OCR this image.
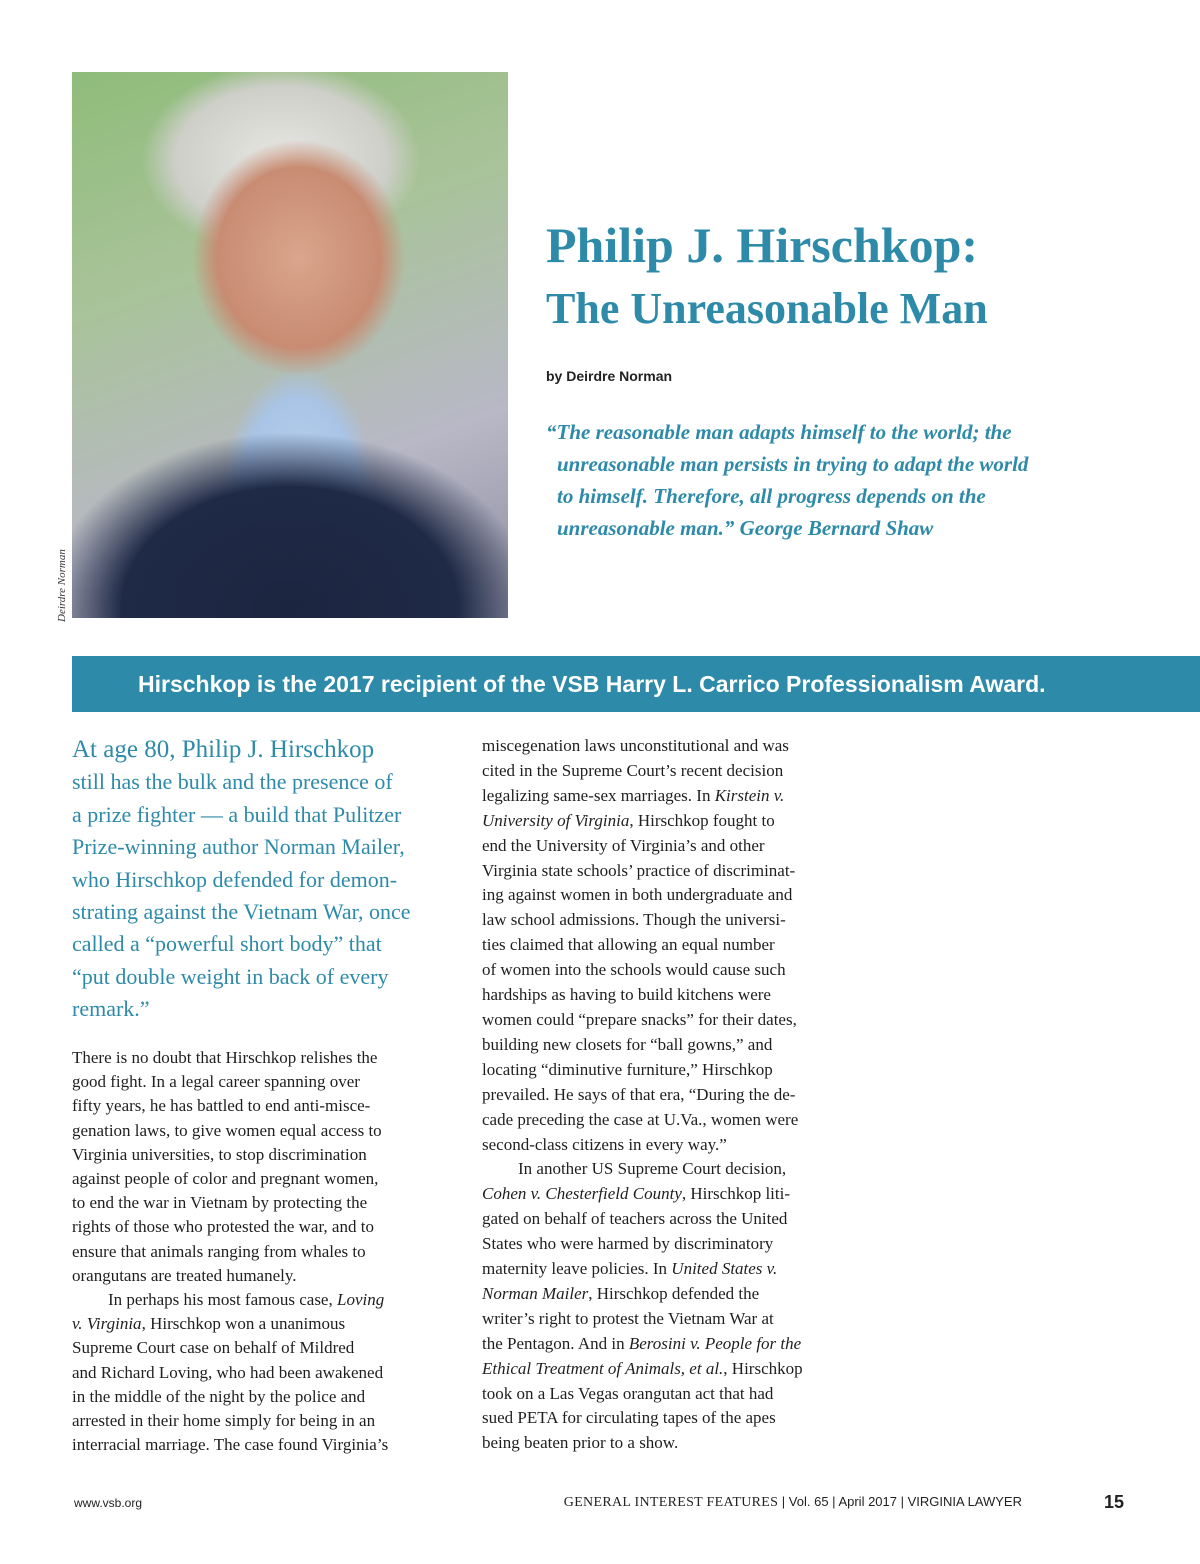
Deirdre Norman
Philip J. Hirschkop:
The Unreasonable Man
by Deirdre Norman
“The reasonable man adapts himself to the world; the
unreasonable man persists in trying to adapt the world
to himself. Therefore, all progress depends on the
unreasonable man.” George Bernard Shaw
Hirschkop is the 2017 recipient of the VSB Harry L. Carrico Professionalism Award.
At age 80, Philip J. Hirschkop
still has the bulk and the presence of
a prize fighter — a build that Pulitzer
Prize-winning author Norman Mailer,
who Hirschkop defended for demon-
strating against the Vietnam War, once
called a “powerful short body” that
“put double weight in back of every
remark.”
There is no doubt that Hirschkop relishes the
good fight. In a legal career spanning over
fifty years, he has battled to end anti-misce-
genation laws, to give women equal access to
Virginia universities, to stop discrimination
against people of color and pregnant women,
to end the war in Vietnam by protecting the
rights of those who protested the war, and to
ensure that animals ranging from whales to
orangutans are treated humanely.
In perhaps his most famous case, Loving
v. Virginia, Hirschkop won a unanimous
Supreme Court case on behalf of Mildred
and Richard Loving, who had been awakened
in the middle of the night by the police and
arrested in their home simply for being in an
interracial marriage. The case found Virginia’s
miscegenation laws unconstitutional and was
cited in the Supreme Court’s recent decision
legalizing same-sex marriages. In Kirstein v.
University of Virginia, Hirschkop fought to
end the University of Virginia’s and other
Virginia state schools’ practice of discriminat-
ing against women in both undergraduate and
law school admissions. Though the universi-
ties claimed that allowing an equal number
of women into the schools would cause such
hardships as having to build kitchens were
women could “prepare snacks” for their dates,
building new closets for “ball gowns,” and
locating “diminutive furniture,” Hirschkop
prevailed. He says of that era, “During the de-
cade preceding the case at U.Va., women were
second-class citizens in every way.”
In another US Supreme Court decision,
Cohen v. Chesterfield County, Hirschkop liti-
gated on behalf of teachers across the United
States who were harmed by discriminatory
maternity leave policies. In United States v.
Norman Mailer, Hirschkop defended the
writer’s right to protest the Vietnam War at
the Pentagon. And in Berosini v. People for the
Ethical Treatment of Animals, et al., Hirschkop
took on a Las Vegas orangutan act that had
sued PETA for circulating tapes of the apes
being beaten prior to a show.
www.vsb.org	GENERAL INTEREST FEATURES | Vol. 65 | April 2017 | VIRGINIA LAWYER	15
